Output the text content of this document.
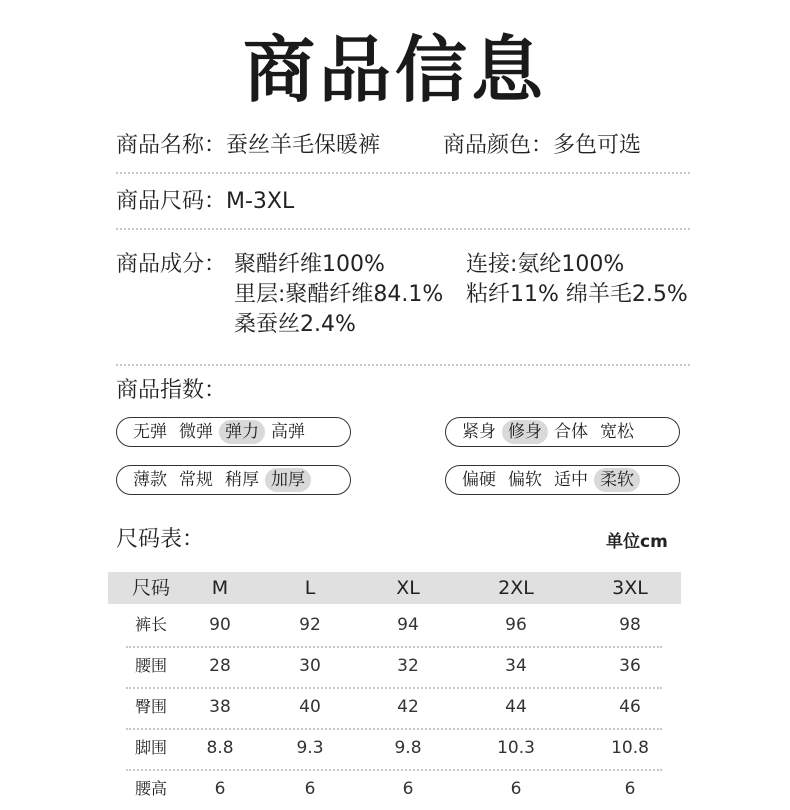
商品信息
商品名称：蚕丝羊毛保暖裤	商品颜色：多色可选
商品尺码：M-3XL
商品成分： 聚醋纤维100%	连接:氨纶100%
里层:聚醋纤维84.1% 粘纤11% 绵羊毛2.5%
桑蚕丝2.4%
商品指数：
无弹 微弹 弹力 高弹	紧身 修身 合体 宽松
薄款 常规 稍厚 加厚	偏硬 偏软 适中 柔软
尺码表：	单位cm
尺码	M	L	XL	2XL	3XL
裤长	90	92	94	96	98
腰围	28	30	32	34	36
臀围	38	40	42	44	46
脚围	8.8	9.3	9.8	10.3	10.8
腰高	6	6	6	6	6
